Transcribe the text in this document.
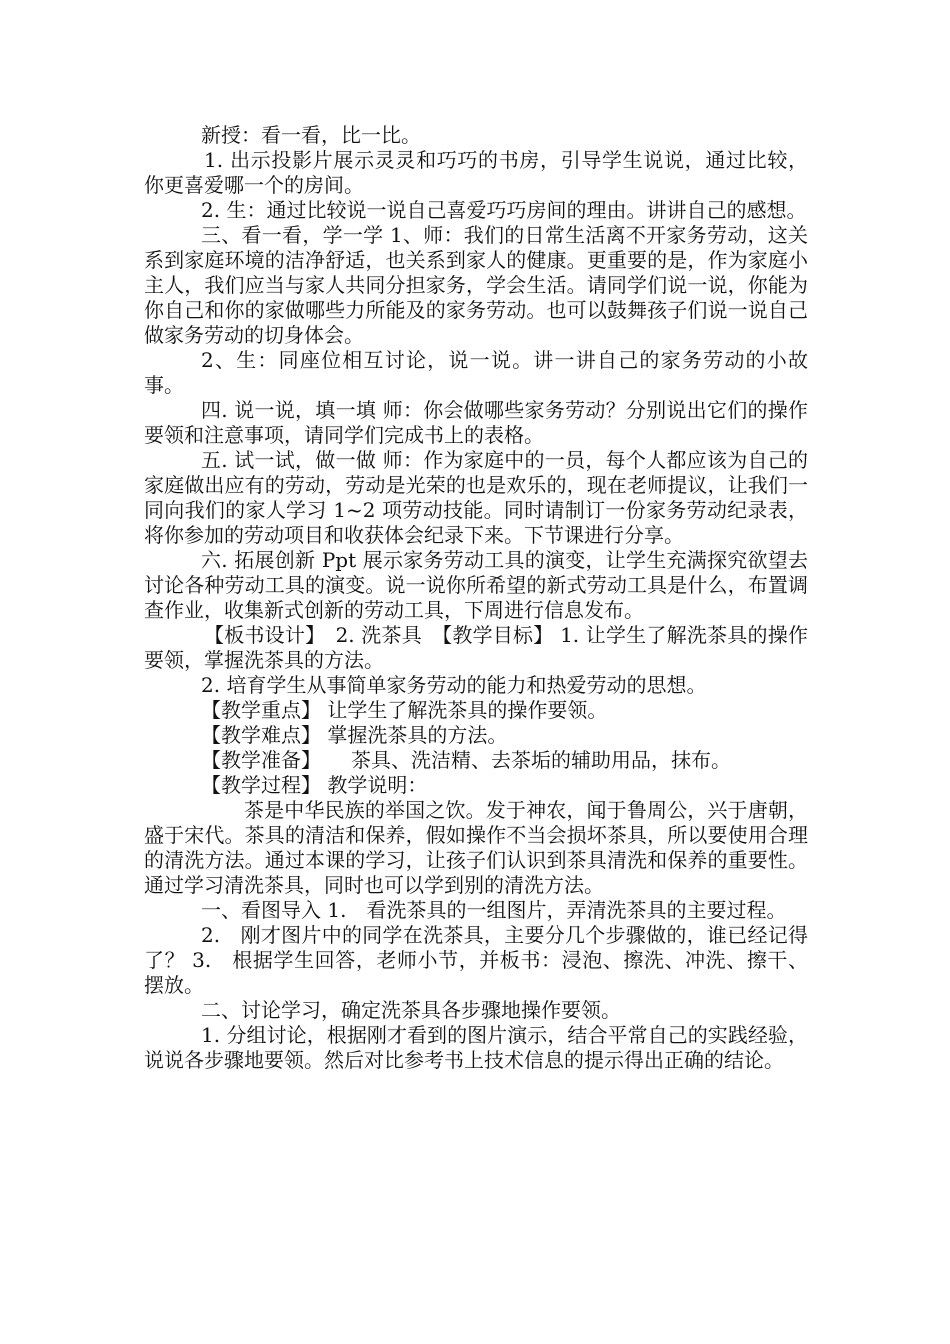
新授：看一看，比一比。

1. 出示投影片展示灵灵和巧巧的书房，引导学生说说，通过比较，你更喜爱哪一个的房间。

2. 生：通过比较说一说自己喜爱巧巧房间的理由。讲讲自己的感想。

三、看一看，学一学 1、师：我们的日常生活离不开家务劳动，这关系到家庭环境的洁净舒适，也关系到家人的健康。更重要的是，作为家庭小主人，我们应当与家人共同分担家务，学会生活。请同学们说一说，你能为你自己和你的家做哪些力所能及的家务劳动。也可以鼓舞孩子们说一说自己做家务劳动的切身体会。

2、生：同座位相互讨论，说一说。讲一讲自己的家务劳动的小故事。

四. 说一说，填一填 师：你会做哪些家务劳动？分别说出它们的操作要领和注意事项，请同学们完成书上的表格。

五. 试一试，做一做 师：作为家庭中的一员，每个人都应该为自己的家庭做出应有的劳动，劳动是光荣的也是欢乐的，现在老师提议，让我们一同向我们的家人学习 1~2 项劳动技能。同时请制订一份家务劳动纪录表，将你参加的劳动项目和收获体会纪录下来。下节课进行分享。

六. 拓展创新 Ppt 展示家务劳动工具的演变，让学生充满探究欲望去讨论各种劳动工具的演变。说一说你所希望的新式劳动工具是什么，布置调查作业，收集新式创新的劳动工具，下周进行信息发布。

【板书设计】　2. 洗茶具　【教学目标】 1. 让学生了解洗茶具的操作要领，掌握洗茶具的方法。

2. 培育学生从事简单家务劳动的能力和热爱劳动的思想。

【教学重点】 让学生了解洗茶具的操作要领。

【教学难点】 掌握洗茶具的方法。

【教学准备】　　茶具、洗洁精、去茶垢的辅助用品，抹布。

【教学过程】 教学说明：

茶是中华民族的举国之饮。发于神农，闻于鲁周公，兴于唐朝，盛于宋代。茶具的清洁和保养，假如操作不当会损坏茶具，所以要使用合理的清洗方法。通过本课的学习，让孩子们认识到茶具清洗和保养的重要性。通过学习清洗茶具，同时也可以学到别的清洗方法。

一、看图导入 1.　看洗茶具的一组图片，弄清洗茶具的主要过程。

2.　刚才图片中的同学在洗茶具，主要分几个步骤做的，谁已经记得了？ 3.　根据学生回答，老师小节，并板书：浸泡、擦洗、冲洗、擦干、摆放。

二、讨论学习，确定洗茶具各步骤地操作要领。

1. 分组讨论，根据刚才看到的图片演示，结合平常自己的实践经验，说说各步骤地要领。然后对比参考书上技术信息的提示得出正确的结论。
